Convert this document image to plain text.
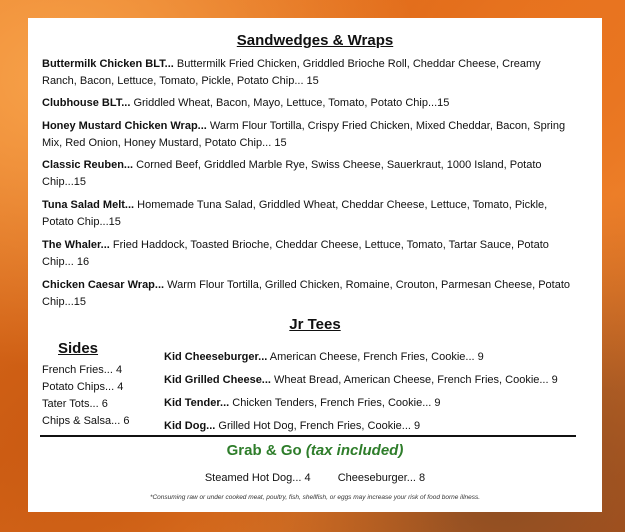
Sandwedges & Wraps
Buttermilk Chicken BLT... Buttermilk Fried Chicken, Griddled Brioche Roll, Cheddar Cheese, Creamy Ranch, Bacon, Lettuce, Tomato, Pickle, Potato Chip... 15
Clubhouse BLT... Griddled Wheat, Bacon, Mayo, Lettuce, Tomato, Potato Chip...15
Honey Mustard Chicken Wrap... Warm Flour Tortilla, Crispy Fried Chicken, Mixed Cheddar, Bacon, Spring Mix, Red Onion, Honey Mustard, Potato Chip... 15
Classic Reuben... Corned Beef, Griddled Marble Rye, Swiss Cheese, Sauerkraut, 1000 Island, Potato Chip...15
Tuna Salad Melt... Homemade Tuna Salad, Griddled Wheat, Cheddar Cheese, Lettuce, Tomato, Pickle, Potato Chip...15
The Whaler... Fried Haddock, Toasted Brioche, Cheddar Cheese, Lettuce, Tomato, Tartar Sauce, Potato Chip... 16
Chicken Caesar Wrap... Warm Flour Tortilla, Grilled Chicken, Romaine, Crouton, Parmesan Cheese, Potato Chip...15
Jr Tees
Sides
French Fries... 4
Potato Chips... 4
Tater Tots... 6
Chips & Salsa... 6
Kid Cheeseburger... American Cheese, French Fries, Cookie... 9
Kid Grilled Cheese... Wheat Bread, American Cheese, French Fries, Cookie... 9
Kid Tender... Chicken Tenders, French Fries, Cookie... 9
Kid Dog... Grilled Hot Dog, French Fries, Cookie... 9
Grab & Go (tax included)
Steamed Hot Dog... 4 Cheeseburger... 8
*Consuming raw or under cooked meat, poultry, fish, shellfish, or eggs may increase your risk of food borne illness.
